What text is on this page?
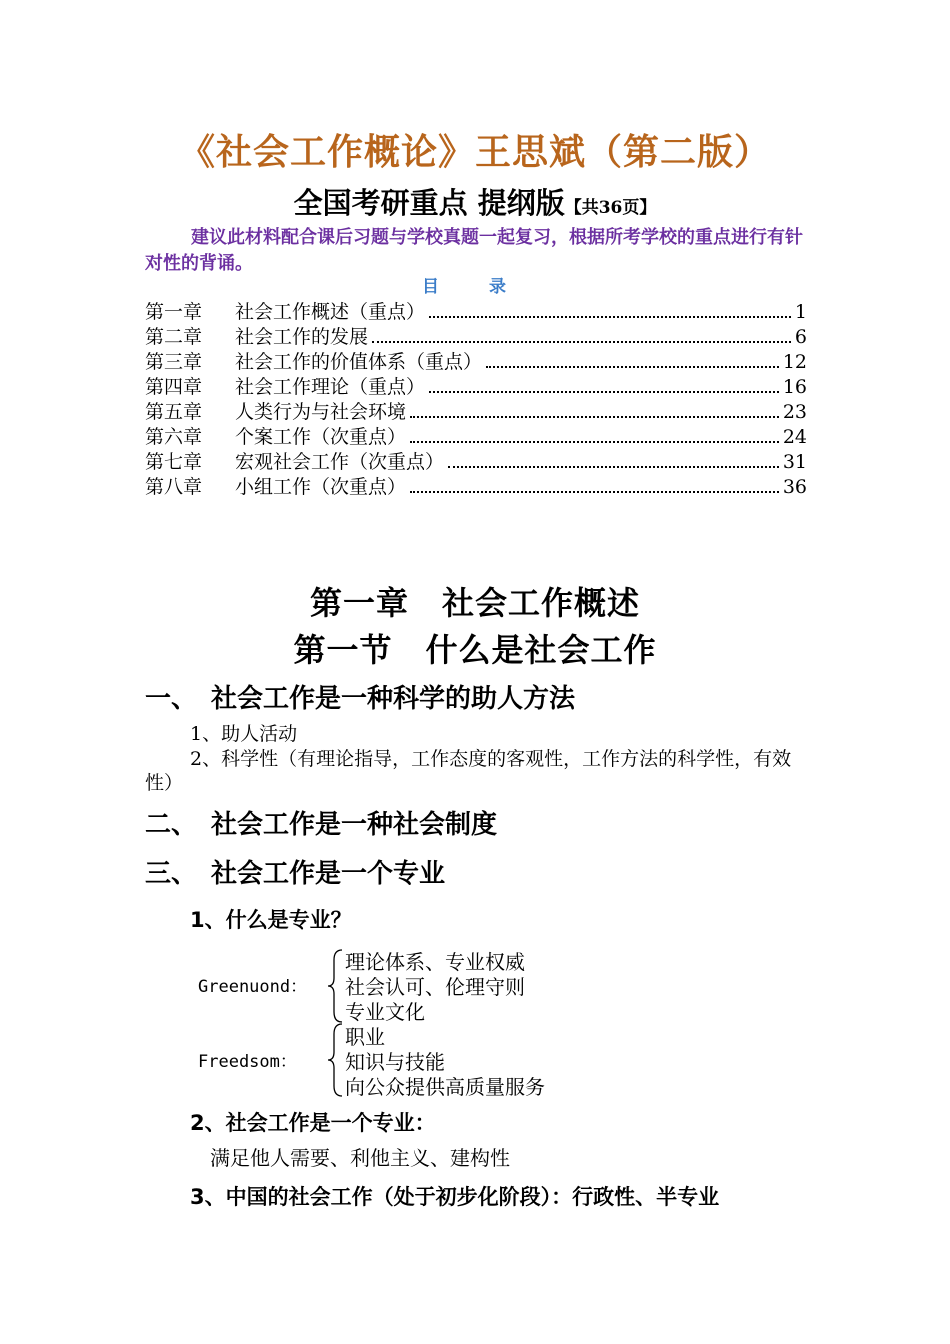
《社会工作概论》王思斌（第二版）
全国考研重点 提纲版【共36页】
建议此材料配合课后习题与学校真题一起复习，根据所考学校的重点进行有针对性的背诵。
目 录
第一章	社会工作概述（重点）	1
第二章	社会工作的发展	6
第三章	社会工作的价值体系（重点）	12
第四章	社会工作理论（重点）	16
第五章	人类行为与社会环境	23
第六章	个案工作（次重点）	24
第七章	宏观社会工作（次重点）	31
第八章	小组工作（次重点）	36
第一章　社会工作概述
第一节　什么是社会工作
一、 社会工作是一种科学的助人方法
1、助人活动
2、科学性（有理论指导，工作态度的客观性，工作方法的科学性，有效性）
二、 社会工作是一种社会制度
三、 社会工作是一个专业
1、什么是专业？
Greenuond：
理论体系、专业权威
社会认可、伦理守则
专业文化
Freedsom：
职业
知识与技能
向公众提供高质量服务
2、社会工作是一个专业：
满足他人需要、利他主义、建构性
3、中国的社会工作（处于初步化阶段）：行政性、半专业
